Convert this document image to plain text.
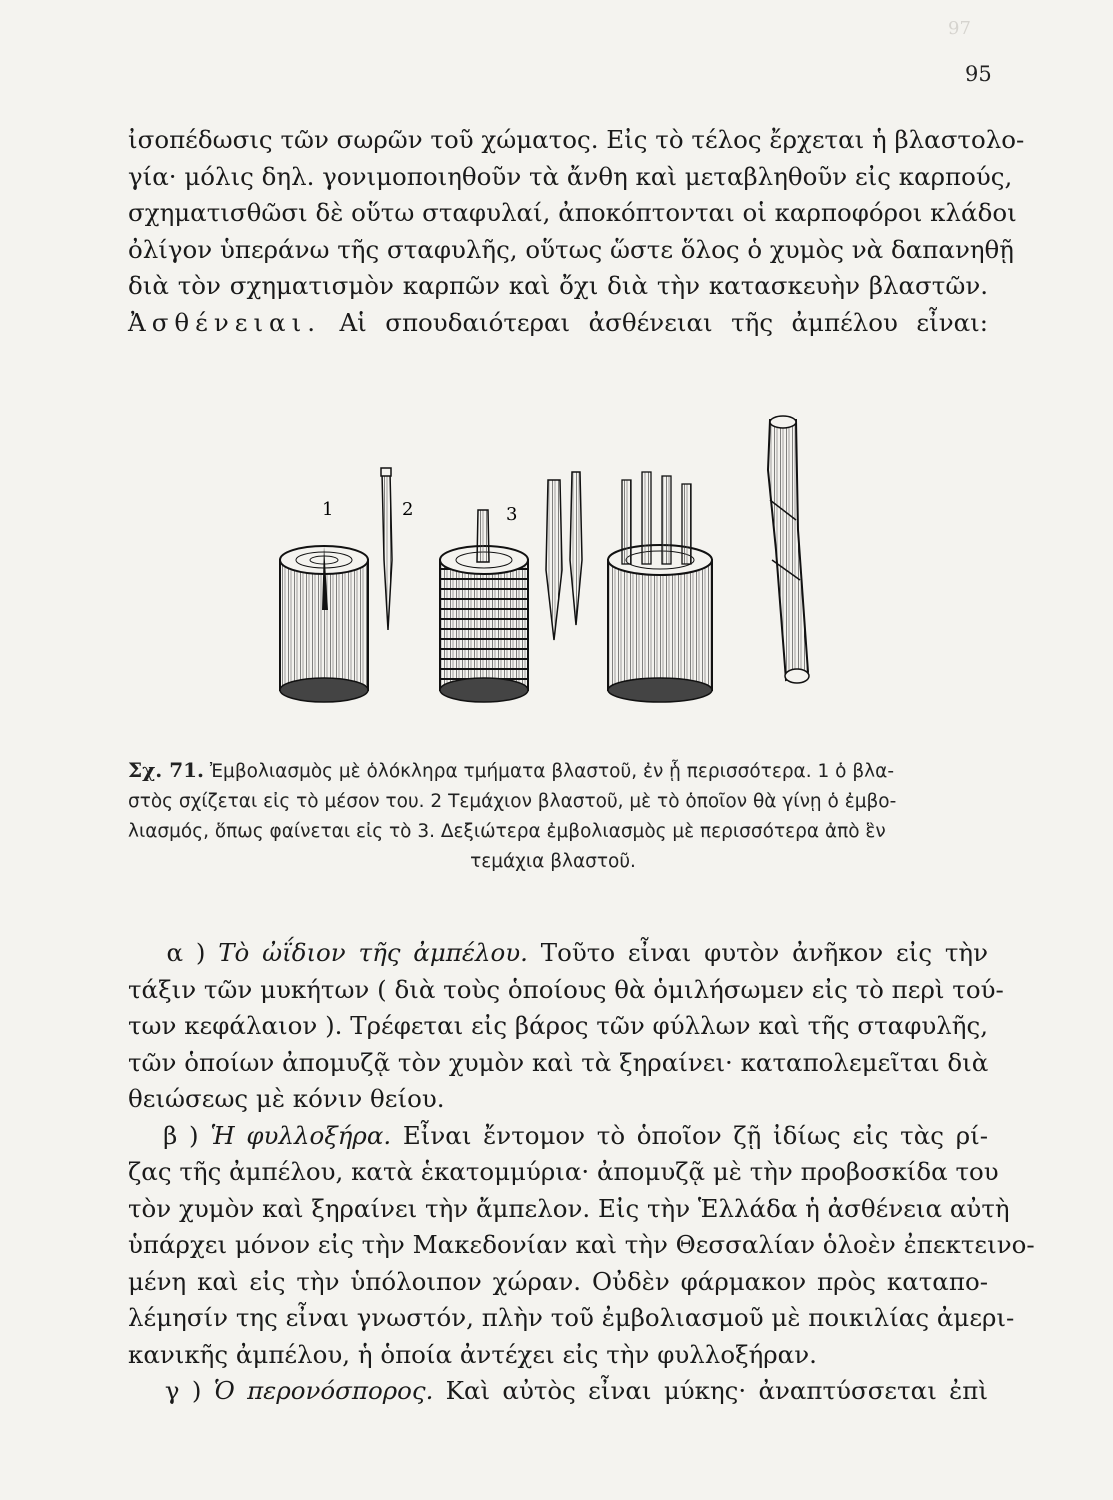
97
95
ἰσοπέδωσις τῶν σωρῶν τοῦ χώματος. Εἰς τὸ τέλος ἔρχεται ἡ βλαστολο-
γία· μόλις δηλ. γονιμοποιηθοῦν τὰ ἄνθη καὶ μεταβληθοῦν εἰς καρπούς,
σχηματισθῶσι δὲ οὕτω σταφυλαί, ἀποκόπτονται οἱ καρποφόροι κλάδοι
ὀλίγον ὑπεράνω τῆς σταφυλῆς, οὕτως ὥστε ὅλος ὁ χυμὸς νὰ δαπανηθῇ
διὰ τὸν σχηματισμὸν καρπῶν καὶ ὄχι διὰ τὴν κατασκευὴν βλαστῶν.
Ἀσθένειαι. Αἱ σπουδαιότεραι ἀσθένειαι τῆς ἀμπέλου εἶναι:
1	2	3
Σχ. 71. Ἐμβολιασμὸς μὲ ὁλόκληρα τμήματα βλαστοῦ, ἐν ᾗ περισσότερα. 1 ὁ βλα-
στὸς σχίζεται εἰς τὸ μέσον του. 2 Τεμάχιον βλαστοῦ, μὲ τὸ ὁποῖον θὰ γίνῃ ὁ ἐμβο-
λιασμός, ὅπως φαίνεται εἰς τὸ 3. Δεξιώτερα ἐμβολιασμὸς μὲ περισσότερα ἀπὸ ἓν
τεμάχια βλαστοῦ.
α ) Τὸ ὠΐδιον τῆς ἀμπέλου. Τοῦτο εἶναι φυτὸν ἀνῆκον εἰς τὴν
τάξιν τῶν μυκήτων ( διὰ τοὺς ὁποίους θὰ ὁμιλήσωμεν εἰς τὸ περὶ τού-
των κεφάλαιον ). Τρέφεται εἰς βάρος τῶν φύλλων καὶ τῆς σταφυλῆς,
τῶν ὁποίων ἀπομυζᾷ τὸν χυμὸν καὶ τὰ ξηραίνει· καταπολεμεῖται διὰ
θειώσεως μὲ κόνιν θείου.
β ) Ἡ φυλλοξήρα. Εἶναι ἔντομον τὸ ὁποῖον ζῇ ἰδίως εἰς τὰς ρί-
ζας τῆς ἀμπέλου, κατὰ ἑκατομμύρια· ἀπομυζᾷ μὲ τὴν προβοσκίδα του
τὸν χυμὸν καὶ ξηραίνει τὴν ἄμπελον. Εἰς τὴν Ἑλλάδα ἡ ἀσθένεια αὐτὴ
ὑπάρχει μόνον εἰς τὴν Μακεδονίαν καὶ τὴν Θεσσαλίαν ὁλοὲν ἐπεκτεινο-
μένη καὶ εἰς τὴν ὑπόλοιπον χώραν. Οὐδὲν φάρμακον πρὸς καταπο-
λέμησίν της εἶναι γνωστόν, πλὴν τοῦ ἐμβολιασμοῦ μὲ ποικιλίας ἀμερι-
κανικῆς ἀμπέλου, ἡ ὁποία ἀντέχει εἰς τὴν φυλλοξήραν.
γ ) Ὁ περονόσπορος. Καὶ αὐτὸς εἶναι μύκης· ἀναπτύσσεται ἐπὶ
